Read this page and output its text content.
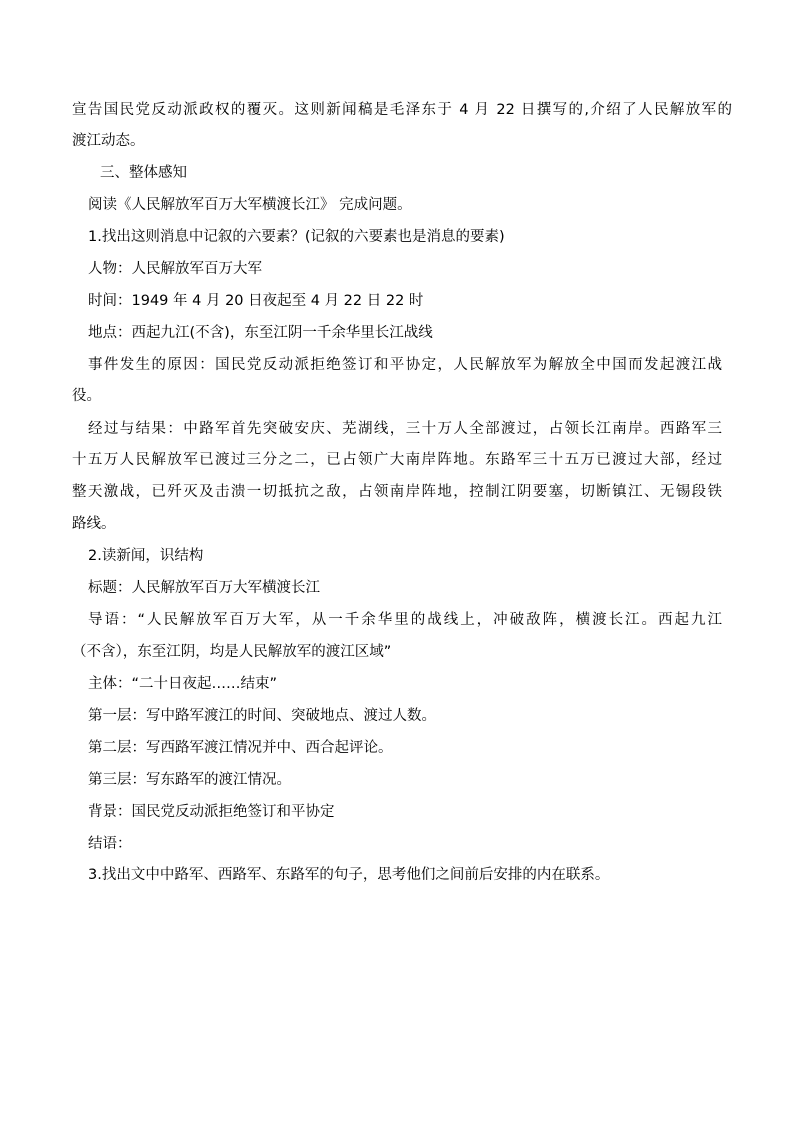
宣告国民党反动派政权的覆灭。这则新闻稿是毛泽东于 4 月 22 日撰写的,介绍了人民解放军的
渡江动态。
三、整体感知
阅读《人民解放军百万大军横渡长江》 完成问题。
1.找出这则消息中记叙的六要素？(记叙的六要素也是消息的要素)
人物：人民解放军百万大军
时间：1949 年 4 月 20 日夜起至 4 月 22 日 22 时
地点：西起九江(不含)，东至江阴一千余华里长江战线
事件发生的原因：国民党反动派拒绝签订和平协定，人民解放军为解放全中国而发起渡江战
役。
经过与结果：中路军首先突破安庆、芜湖线，三十万人全部渡过，占领长江南岸。西路军三
十五万人民解放军已渡过三分之二，已占领广大南岸阵地。东路军三十五万已渡过大部，经过
整天激战，已歼灭及击溃一切抵抗之敌，占领南岸阵地，控制江阴要塞，切断镇江、无锡段铁
路线。
2.读新闻，识结构
标题：人民解放军百万大军横渡长江
导语：“人民解放军百万大军，从一千余华里的战线上，冲破敌阵，横渡长江。西起九江
（不含），东至江阴，均是人民解放军的渡江区域”
主体：“二十日夜起……结束”
第一层：写中路军渡江的时间、突破地点、渡过人数。
第二层：写西路军渡江情况并中、西合起评论。
第三层：写东路军的渡江情况。
背景：国民党反动派拒绝签订和平协定
结语：
3.找出文中中路军、西路军、东路军的句子，思考他们之间前后安排的内在联系。
